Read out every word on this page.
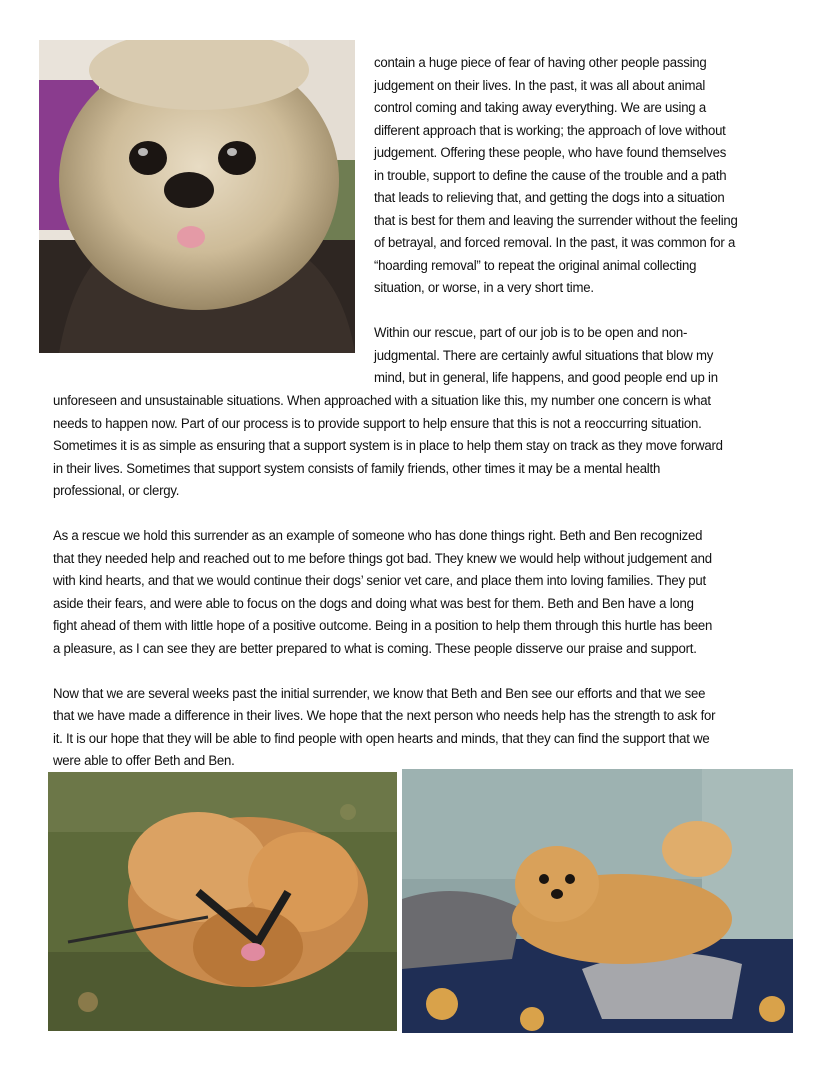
contain a huge piece of fear of having other people passing
judgement on their lives. In the past, it was all about animal
control coming and taking away everything. We are using a
different approach that is working; the approach of love without
judgement. Offering these people, who have found themselves
in trouble, support to define the cause of the trouble and a path
that leads to relieving that, and getting the dogs into a situation
that is best for them and leaving the surrender without the feeling
of betrayal, and forced removal. In the past, it was common for a
“hoarding removal” to repeat the original animal collecting
situation, or worse, in a very short time.
Within our rescue, part of our job is to be open and non-
judgmental. There are certainly awful situations that blow my
mind, but in general, life happens, and good people end up in
unforeseen and unsustainable situations. When approached with a situation like this, my number one concern is what
needs to happen now. Part of our process is to provide support to help ensure that this is not a reoccurring situation.
Sometimes it is as simple as ensuring that a support system is in place to help them stay on track as they move forward
in their lives. Sometimes that support system consists of family friends, other times it may be a mental health
professional, or clergy.
As a rescue we hold this surrender as an example of someone who has done things right. Beth and Ben recognized
that they needed help and reached out to me before things got bad. They knew we would help without judgement and
with kind hearts, and that we would continue their dogs’ senior vet care, and place them into loving families. They put
aside their fears, and were able to focus on the dogs and doing what was best for them. Beth and Ben have a long
fight ahead of them with little hope of a positive outcome. Being in a position to help them through this hurtle has been
a pleasure, as I can see they are better prepared to what is coming. These people disserve our praise and support.
Now that we are several weeks past the initial surrender, we know that Beth and Ben see our efforts and that we see
that we have made a difference in their lives. We hope that the next person who needs help has the strength to ask for
it. It is our hope that they will be able to find people with open hearts and minds, that they can find the support that we
were able to offer Beth and Ben.
